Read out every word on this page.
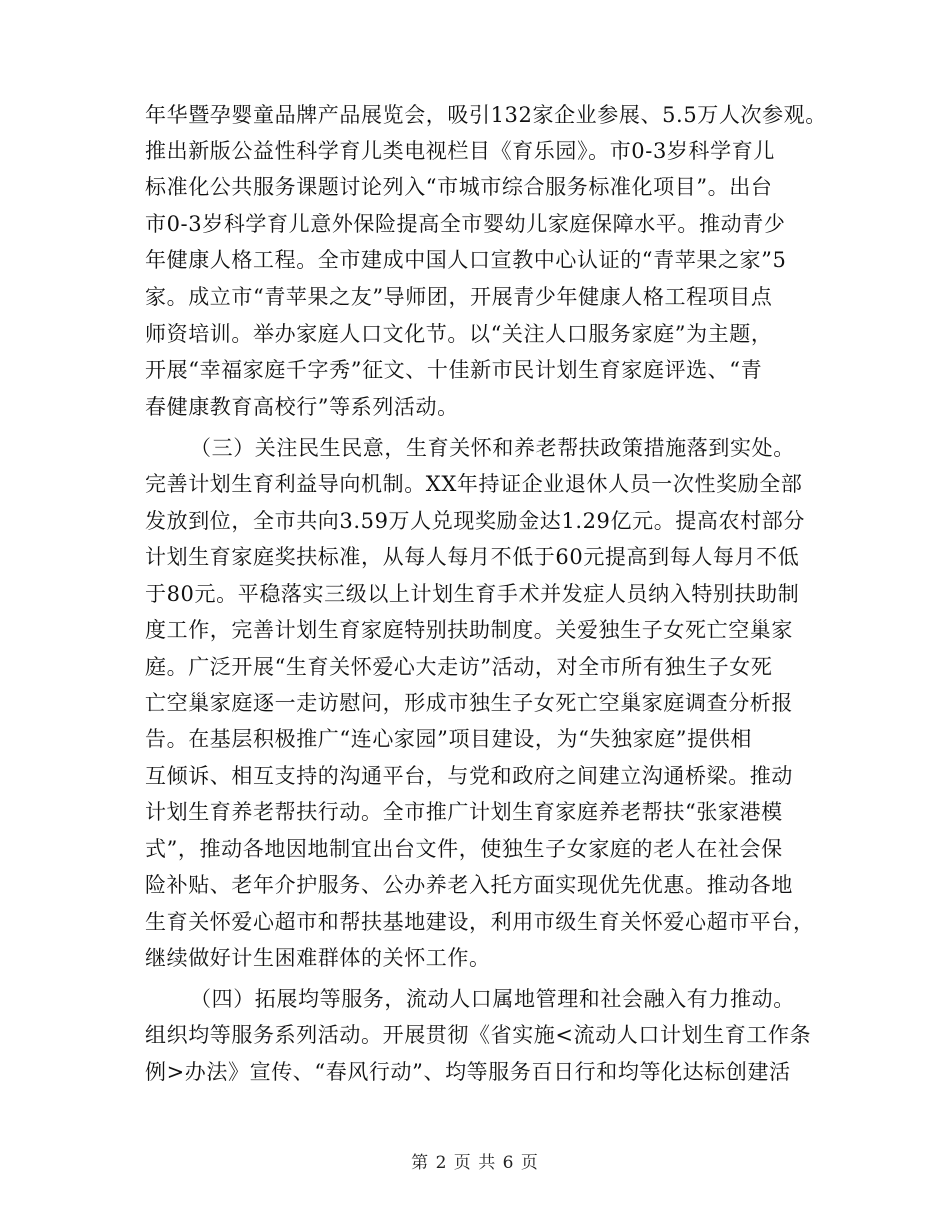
年华暨孕婴童品牌产品展览会，吸引132家企业参展、5.5万人次参观。
推出新版公益性科学育儿类电视栏目《育乐园》。市0-3岁科学育儿
标准化公共服务课题讨论列入“市城市综合服务标准化项目”。出台
市0-3岁科学育儿意外保险提高全市婴幼儿家庭保障水平。推动青少
年健康人格工程。全市建成中国人口宣教中心认证的“青苹果之家”5
家。成立市“青苹果之友”导师团，开展青少年健康人格工程项目点
师资培训。举办家庭人口文化节。以“关注人口服务家庭”为主题，
开展“幸福家庭千字秀”征文、十佳新市民计划生育家庭评选、“青
春健康教育高校行”等系列活动。
（三）关注民生民意，生育关怀和养老帮扶政策措施落到实处。
完善计划生育利益导向机制。XX年持证企业退休人员一次性奖励全部
发放到位，全市共向3.59万人兑现奖励金达1.29亿元。提高农村部分
计划生育家庭奖扶标准，从每人每月不低于60元提高到每人每月不低
于80元。平稳落实三级以上计划生育手术并发症人员纳入特别扶助制
度工作，完善计划生育家庭特别扶助制度。关爱独生子女死亡空巢家
庭。广泛开展“生育关怀爱心大走访”活动，对全市所有独生子女死
亡空巢家庭逐一走访慰问，形成市独生子女死亡空巢家庭调查分析报
告。在基层积极推广“连心家园”项目建设，为“失独家庭”提供相
互倾诉、相互支持的沟通平台，与党和政府之间建立沟通桥梁。推动
计划生育养老帮扶行动。全市推广计划生育家庭养老帮扶“张家港模
式”，推动各地因地制宜出台文件，使独生子女家庭的老人在社会保
险补贴、老年介护服务、公办养老入托方面实现优先优惠。推动各地
生育关怀爱心超市和帮扶基地建设，利用市级生育关怀爱心超市平台，
继续做好计生困难群体的关怀工作。
（四）拓展均等服务，流动人口属地管理和社会融入有力推动。
组织均等服务系列活动。开展贯彻《省实施<流动人口计划生育工作条
例>办法》宣传、“春风行动”、均等服务百日行和均等化达标创建活
第 2 页 共 6 页
